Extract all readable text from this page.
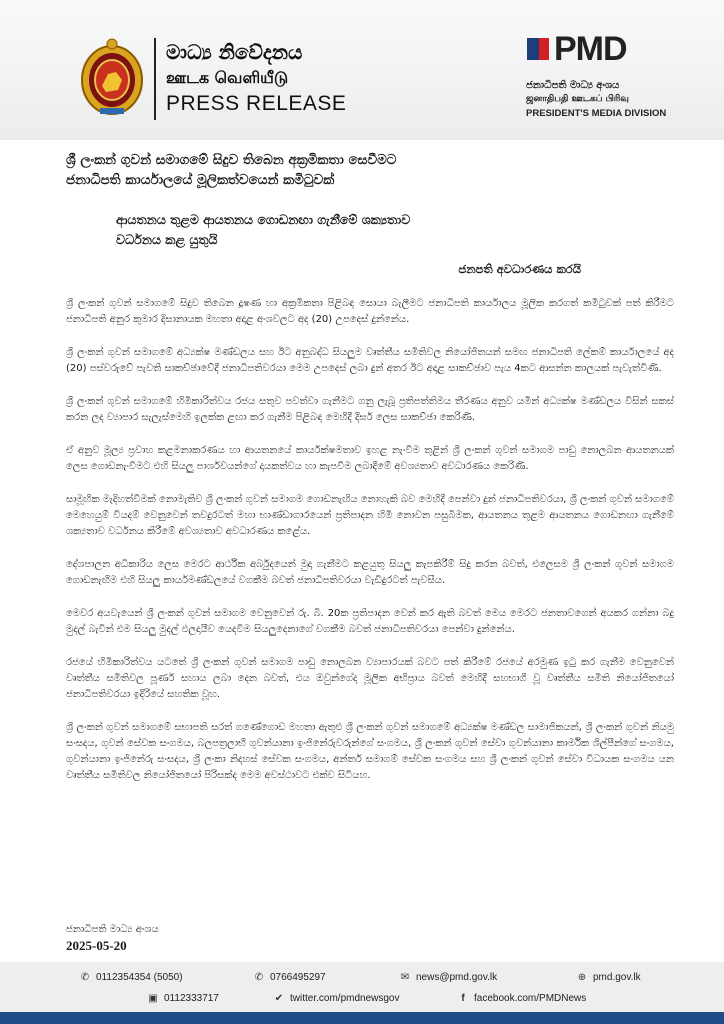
මාධ්‍ය නිවේදනය
ஊடக வெளியீடு
PRESS RELEASE
PMD
ජනාධිපති මාධ්‍ය අංශය
ஜனாதிபதி ஊடகப் பிரிவு
PRESIDENT'S MEDIA DIVISION
ශ්‍රී ලංකන් ගුවන් සමාගමේ සිදුව තිබෙන අක්‍රමිකතා සෙවීමට
ජනාධිපති කාර්යාලයේ මූලිකත්වයෙන් කමිටුවක්
ආයතනය තුළම ආයතනය ගොඩනඟා ගැනීමේ ශක්‍යතාව
වර්ධනය කළ යුතුයි
ජනපති අවධාරණය කරයි

ශ්‍රී ලංකන් ගුවන් සමාගමේ සිදුව තිබෙන දූෂණ හා අක්‍රමිකතා පිළිබඳ සොයා බැලීමට ජනාධිපති කාර්යාලය මූලික කරගත් කමිටුවක් පත් කිරීමට ජනාධිපති අනුර කුමාර දිසානායක මහතා අදාළ අංශවලට අද (20) උපදෙස් දුන්නේය.

ශ්‍රී ලංකන් ගුවන් සමාගමේ අධ්‍යක්ෂ මණ්ඩලය සහ ඊට අනුබද්ධ සියලුම වෘත්තීය සමිතිවල නියෝජිතයන් සමඟ ජනාධිපති ලේකම් කාර්යාලයේ අද (20) පස්වරුවේ පැවති සාකච්ඡාවේදී ජනාධිපතිවරයා මෙම උපදෙස් ලබා දුන් අතර ඊට අදාළ සාකච්ඡාව පැය 4කට ආසන්න කාලයක් පැවැත්විණි.

ශ්‍රී ලංකන් ගුවන් සමාගමේ හිමිකාරිත්වය රජය සතුව පවත්වා ගැනීමට ගනු ලැබූ ප්‍රතිපත්තිමය තීරණය අනුව යමින් අධ්‍යක්ෂ මණ්ඩලය විසින් සකස් කරන ලද ව්‍යාපාර සැලැස්මෙහි ඉලක්ක ළඟා කර ගැනීම පිළිබඳ මෙහිදී දීර්ඝ ලෙස සාකච්ඡා කෙරිණි.

ඒ අනුව මූල්‍ය ප්‍රවාහ කළමනාකරණය හා ආයතනයේ කාර්යක්ෂමතාව ඉහළ නැංවීම තුළින් ශ්‍රී ලංකන් ගුවන් සමාගම පාඩු නොලබන ආයතනයක් ලෙස ගොඩනැංවීමට එහි සියලු පාර්ශවයන්ගේ දායකත්වය හා කැපවීම ලබාදීමේ අවශ්‍යතාව අවධාරණය කෙරිණි.

සාමූහික මැදිහත්වීමක් නොමැතිව ශ්‍රී ලංකන් ගුවන් සමාගම ගොඩනැඟිය නොහැකි බව මෙහිදී පෙන්වා දුන් ජනාධිපතිවරයා, ශ්‍රී ලංකන් ගුවන් සමාගමේ මෙහෙයුම් වියදම් වෙනුවෙන් තවදුරටත් මහා භාණ්ඩාගාරයෙන් ප්‍රතිපාදන හිමි නොවන පසුබිමක, ආයතනය තුළම ආයතනය ගොඩනඟා ගැනීමේ ශක්‍යතාව වර්ධනය කිරීමේ අවශ්‍යතාව අවධාරණය කළේය.

දේශපාලන අධිකාරිය ලෙස මෙරට ආර්ථික අර්බුදයෙන් මුදා ගැනීමට කළයුතු සියලු කැපකිරීම් සිදු කරන බවත්, එලෙසම ශ්‍රී ලංකන් ගුවන් සමාගම ගොඩනැඟීම එහි සියලු කාර්යමණ්ඩලයේ වගකීම බවත් ජනාධිපතිවරයා වැඩිදුරටත් පැවසීය.

මෙවර අයවැයෙන් ශ්‍රී ලංකන් ගුවන් සමාගම වෙනුවෙන් රු. බි. 20ක ප්‍රතිපාදන වෙන් කර ඇති බවත් මෙය මෙරට ජනතාවගෙන් අයකර ගන්නා බදු මුදල් බැවින් එම සියලු මුදල් ඵලදායීව යෙදවීම සියලුදෙනාගේ වගකීම බවත් ජනාධිපතිවරයා පෙන්වා දුන්නේය.

රජයේ හිමිකාරිත්වය යටතේ ශ්‍රී ලංකන් ගුවන් සමාගම පාඩු නොලබන ව්‍යාපාරයක් බවට පත් කිරීමේ රජයේ අරමුණ ඉටු කර ගැනීම වෙනුවෙන් වෘත්තීය සමිතිවල පූර්ණ සහාය ලබා දෙන බවත්, එය ඔවුන්ගේද මූලික අභිප්‍රාය බවත් මෙහිදී සහභාගී වූ වෘත්තීය සමිති නියෝජිතයෝ ජනාධිපතිවරයා ඉදිරියේ සහතික වූහ.

ශ්‍රී ලංකන් ගුවන් සමාගමේ සභාපති සරත් ගණේගොඩ මහතා ඇතුළු ශ්‍රී ලංකන් ගුවන් සමාගමේ අධ්‍යක්ෂ මණ්ඩල සාමාජිකයන්, ශ්‍රී ලංකන් ගුවන් නියමු සංසදය, ගුවන් සේවක සංගමය, බලපත්‍රලාභී ගුවන්යානා ඉංජිනේරුවරුන්ගේ සංගමය, ශ්‍රී ලංකන් ගුවන් සේවා ගුවන්යානා කාර්මික ශිල්පීන්ගේ සංගමය, ගුවන්යානා ඉංජිනේරු සංසදය, ශ්‍රී ලංකා නිදහස් සේවක සංගමය, අන්තර් සමාගම් සේවක සංගමය සහ ශ්‍රී ලංකන් ගුවන් සේවා විධායක සංගමය යන වෘත්තීය සමිතිවල නියෝජිතයෝ පිරිසක්ද මෙම අවස්ථාවට එක්ව සිටියහ.

ජනාධිපති මාධ්‍ය අංශය
2025-05-20
✆ 0112354354 (5050)	✆ 0766495297	✉ news@pmd.gov.lk	⊕ pmd.gov.lk
▣ 0112333717	✔ twitter.com/pmdnewsgov	f facebook.com/PMDNews
